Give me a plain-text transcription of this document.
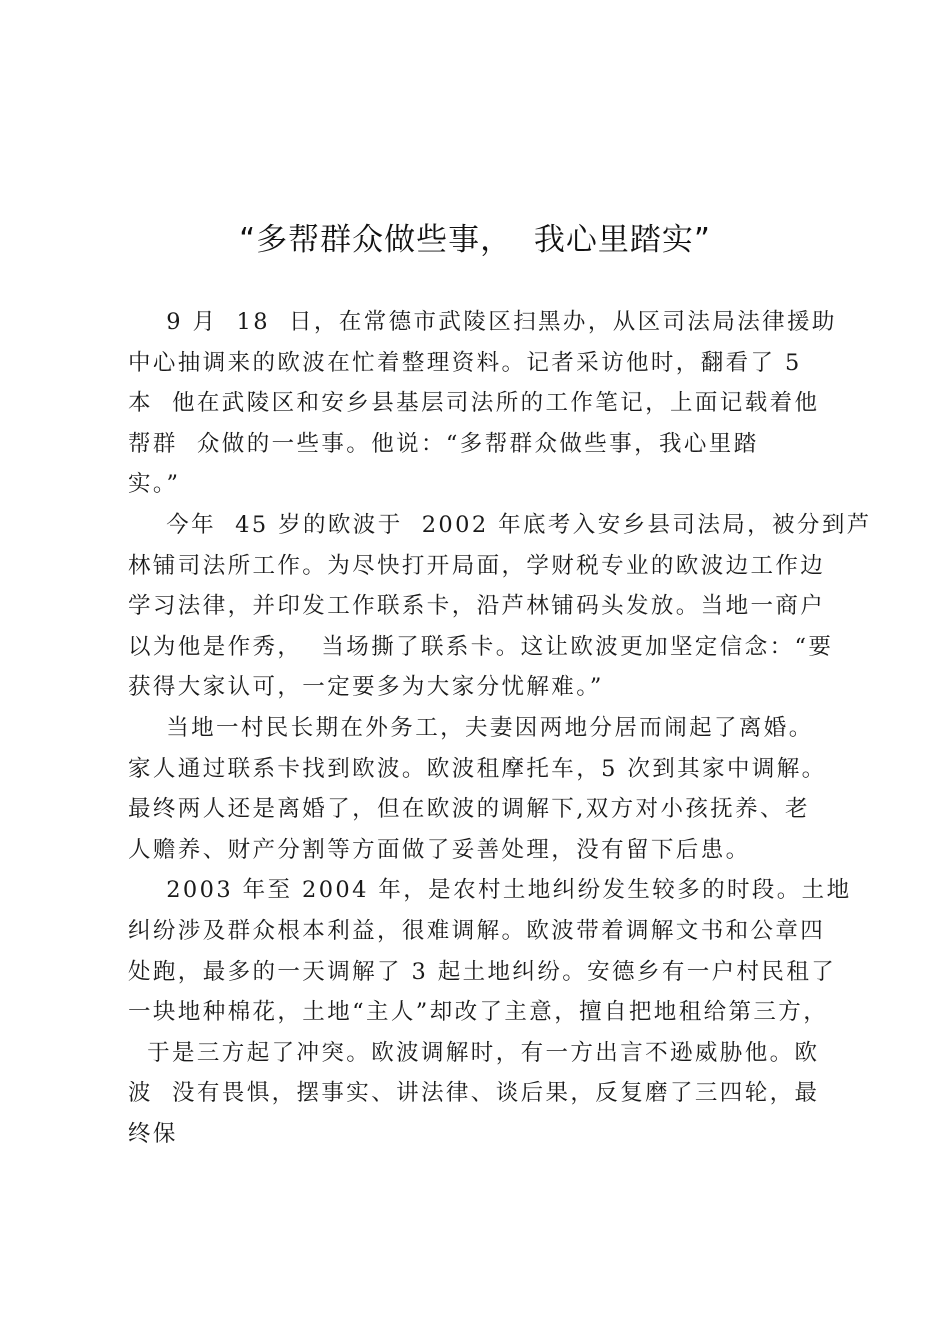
“多帮群众做些事，  我心里踏实”
9 月  18  日，在常德市武陵区扫黑办，从区司法局法律援助
中心抽调来的欧波在忙着整理资料。记者采访他时，翻看了 5
本  他在武陵区和安乡县基层司法所的工作笔记，上面记载着他
帮群  众做的一些事。他说：“多帮群众做些事，我心里踏
实。”
今年  45 岁的欧波于  2002 年底考入安乡县司法局，被分到芦
林铺司法所工作。为尽快打开局面，学财税专业的欧波边工作边
学习法律，并印发工作联系卡，沿芦林铺码头发放。当地一商户
以为他是作秀，  当场撕了联系卡。这让欧波更加坚定信念：“要
获得大家认可，一定要多为大家分忧解难。”
当地一村民长期在外务工，夫妻因两地分居而闹起了离婚。
家人通过联系卡找到欧波。欧波租摩托车，5 次到其家中调解。
最终两人还是离婚了，但在欧波的调解下,双方对小孩抚养、老
人赡养、财产分割等方面做了妥善处理，没有留下后患。
2003 年至 2004 年，是农村土地纠纷发生较多的时段。土地
纠纷涉及群众根本利益，很难调解。欧波带着调解文书和公章四
处跑，最多的一天调解了 3 起土地纠纷。安德乡有一户村民租了
一块地种棉花，土地“主人”却改了主意，擅自把地租给第三方，
于是三方起了冲突。欧波调解时，有一方出言不逊威胁他。欧
波  没有畏惧，摆事实、讲法律、谈后果，反复磨了三四轮，最
终保
